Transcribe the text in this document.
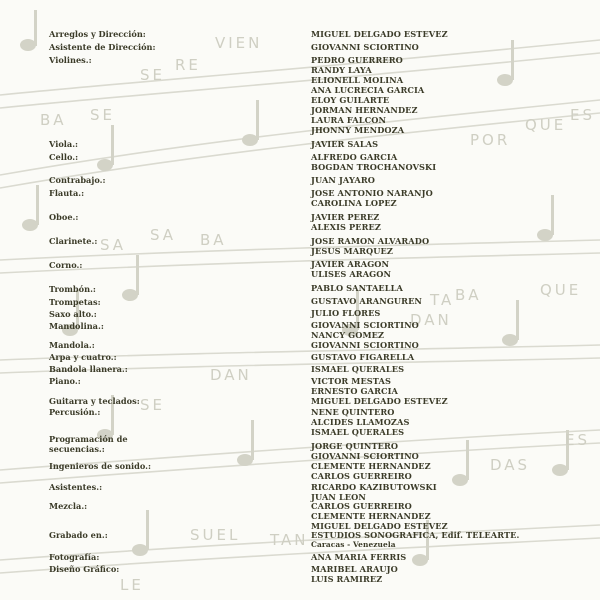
VIEN
SE
RE
BA SE
SA	BA
DAN
SA
BA
POR
QUE
ES
QUE
TA
DAN
SE
DAS
ES
SUEL TAN
LE

Arreglos y Dirección:	MIGUEL DELGADO ESTEVEZ

Asistente de Dirección:	GIOVANNI SCIORTINO

Violines.:	PEDRO GUERRERO
RANDY LAYA
ELIONELL MOLINA
ANA LUCRECIA GARCIA
ELOY GUILARTE
JORMAN HERNANDEZ
LAURA FALCON
JHONNY MENDOZA

Viola.:	JAVIER SALAS

Cello.:	ALFREDO GARCIA
BOGDAN TROCHANOVSKI

Contrabajo.:	JUAN JAYARO

Flauta.:	JOSE ANTONIO NARANJO
CAROLINA LOPEZ

Oboe.:	JAVIER PEREZ
ALEXIS PEREZ

Clarinete.:	JOSE RAMON ALVARADO
JESUS MARQUEZ

Corno.:	JAVIER ARAGON
ULISES ARAGON

Trombón.:	PABLO SANTAELLA

Trompetas:	GUSTAVO ARANGUREN

Saxo alto.:	JULIO FLORES

Mandolina.:	GIOVANNI SCIORTINO
NANCY GOMEZ

Mandola.:	GIOVANNI SCIORTINO

Arpa y cuatro.:	GUSTAVO FIGARELLA

Bandola llanera.:	ISMAEL QUERALES

Piano.:	VICTOR MESTAS
ERNESTO GARCIA

Guitarra y teclados:	MIGUEL DELGADO ESTEVEZ

Percusión.:	NENE QUINTERO
ALCIDES LLAMOZAS
ISMAEL QUERALES

Programación de secuencias.:	JORGE QUINTERO
GIOVANNI SCIORTINO

Ingenieros de sonido.:	CLEMENTE HERNANDEZ
CARLOS GUERREIRO

Asistentes.:	RICARDO KAZIBUTOWSKI
JUAN LEON

Mezcla.:	CARLOS GUERREIRO
CLEMENTE HERNANDEZ
MIGUEL DELGADO ESTEVEZ

Grabado en.:	ESTUDIOS SONOGRAFICA, Edif. TELEARTE.
Caracas - Venezuela

Fotografía:	ANA MARIA FERRIS

Diseño Gráfico:	MARIBEL ARAUJO
LUIS RAMIREZ
